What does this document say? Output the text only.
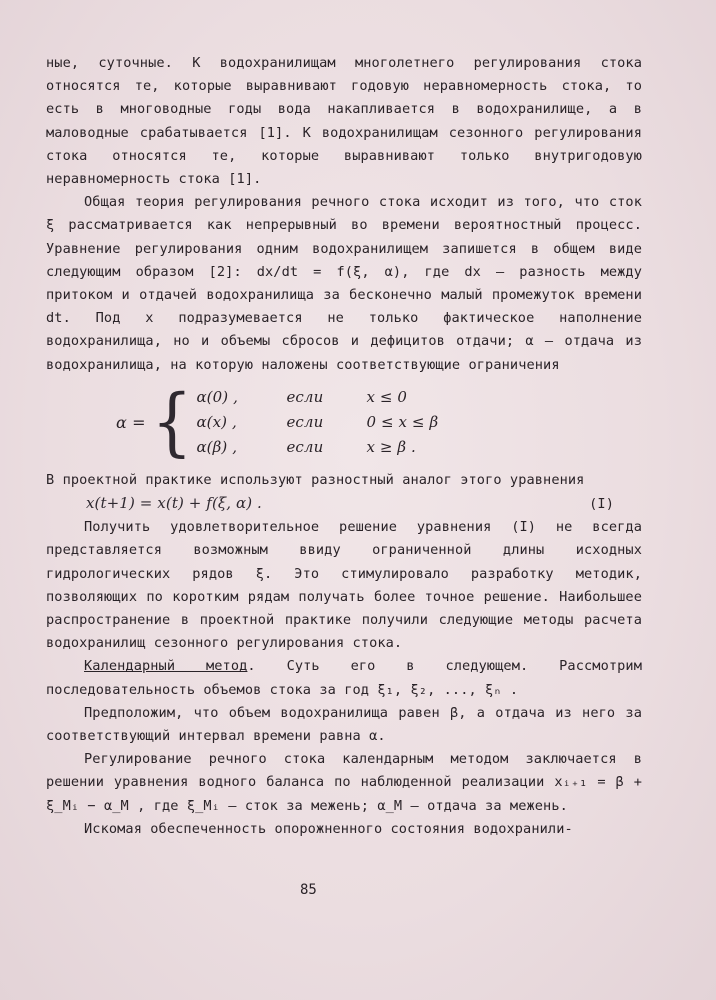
ные, суточные. К водохранилищам многолетнего регулирования стока относятся те, которые выравнивают годовую неравномерность стока, то есть в многоводные годы вода накапливается в водохранилище, а в маловодные срабатывается [1]. К водохранилищам сезонного регулирования стока относятся те, которые выравнивают только внутригодовую неравномерность стока [1].

Общая теория регулирования речного стока исходит из того, что сток ξ рассматривается как непрерывный во времени вероятностный процесс. Уравнение регулирования одним водохранилищем запишется в общем виде следующим образом [2]: dx/dt = f(ξ, α), где dx – разность между притоком и отдачей водохранилища за бесконечно малый промежуток времени dt. Под x подразумевается не только фактическое наполнение водохранилища, но и объемы сбросов и дефицитов отдачи; α – отдача из водохранилища, на которую наложены соответствующие ограничения

α = { α(0) ,	если	x ≤ 0
α(x) ,	если	0 ≤ x ≤ β
α(β) ,	если	x ≥ β .

В проектной практике используют разностный аналог этого уравнения

x(t+1) = x(t) + f(ξ, α) .	(I)

Получить удовлетворительное решение уравнения (I) не всегда представляется возможным ввиду ограниченной длины исходных гидрологических рядов ξ. Это стимулировало разработку методик, позволяющих по коротким рядам получать более точное решение. Наибольшее распространение в проектной практике получили следующие методы расчета водохранилищ сезонного регулирования стока.

Календарный метод. Суть его в следующем. Рассмотрим последовательность объемов стока за год ξ₁, ξ₂, ..., ξₙ .

Предположим, что объем водохранилища равен β, а отдача из него за соответствующий интервал времени равна α.

Регулирование речного стока календарным методом заключается в решении уравнения водного баланса по наблюденной реализации xᵢ₊₁ = β + ξ_Mᵢ − α_M , где ξ_Mᵢ – сток за межень; α_M – отдача за межень.

Искомая обеспеченность опорожненного состояния водохранили-

85
